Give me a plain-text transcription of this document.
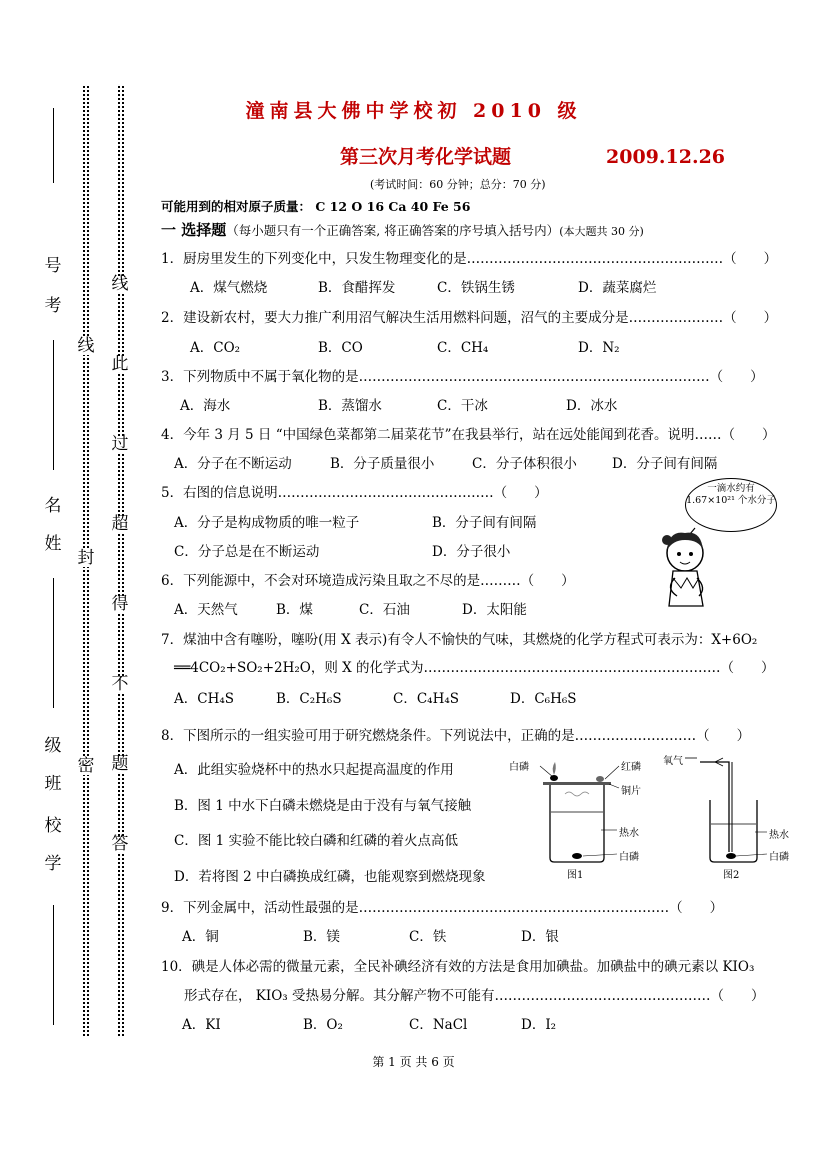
考
号
名
姓
级
班
校
学
线
封
密
线
此
过
超
得
不
题
答
潼南县大佛中学校初 2010 级
第三次月考化学试题	2009.12.26
(考试时间：60 分钟；总分：70 分)
可能用到的相对原子质量： C 12 O 16 Ca 40 Fe 56
一 选择题（每小题只有一个正确答案, 将正确答案的序号填入括号内）(本大题共 30 分)
1．厨房里发生的下列变化中，只发生物理变化的是…………………………………………………（　　）
A．煤气燃烧	B．食醋挥发	C．铁锅生锈	D．蔬菜腐烂
2．建设新农村，要大力推广利用沼气解决生活用燃料问题，沼气的主要成分是…………………（　　）
A．CO₂	B．CO	C．CH₄	D．N₂
3．下列物质中不属于氧化物的是……………………………………………………………………（　　）
A．海水	B．蒸馏水	C．干冰	D．冰水
4．今年 3 月 5 日 “中国绿色菜都第二届菜花节”在我县举行，站在远处能闻到花香。说明……（　　）
A．分子在不断运动	B．分子质量很小	C．分子体积很小	D．分子间有间隔
5．右图的信息说明…………………………………………（　　）
A．分子是构成物质的唯一粒子	B．分子间有间隔
C．分子总是在不断运动	D．分子很小
一滴水约有 1.67×10²¹ 个水分子
6．下列能源中，不会对环境造成污染且取之不尽的是………（　　）
A．天然气	B．煤	C．石油	D．太阳能
7．煤油中含有噻吩，噻吩(用 X 表示)有令人不愉快的气味，其燃烧的化学方程式可表示为：X+6O₂
══4CO₂+SO₂+2H₂O，则 X 的化学式为…………………………………………………………（　　）
A．CH₄S	B．C₂H₆S	C．C₄H₄S	D．C₆H₆S
8．下图所示的一组实验可用于研究燃烧条件。下列说法中，正确的是………………………（　　）
A．此组实验烧杯中的热水只起提高温度的作用
B．图 1 中水下白磷未燃烧是由于没有与氧气接触
C．图 1 实验不能比较白磷和红磷的着火点高低
D．若将图 2 中白磷换成红磷，也能观察到燃烧现象
白磷	红磷
铜片
热水
白磷
氧气
热水
白磷
图1	图2
9．下列金属中，活动性最强的是……………………………………………………………（　　）
A．铜	B．镁	C．铁	D．银
10．碘是人体必需的微量元素，全民补碘经济有效的方法是食用加碘盐。加碘盐中的碘元素以 KIO₃
形式存在， KIO₃ 受热易分解。其分解产物不可能有…………………………………………（　　）
A．KI	B．O₂	C．NaCl	D．I₂
第 1 页 共 6 页
